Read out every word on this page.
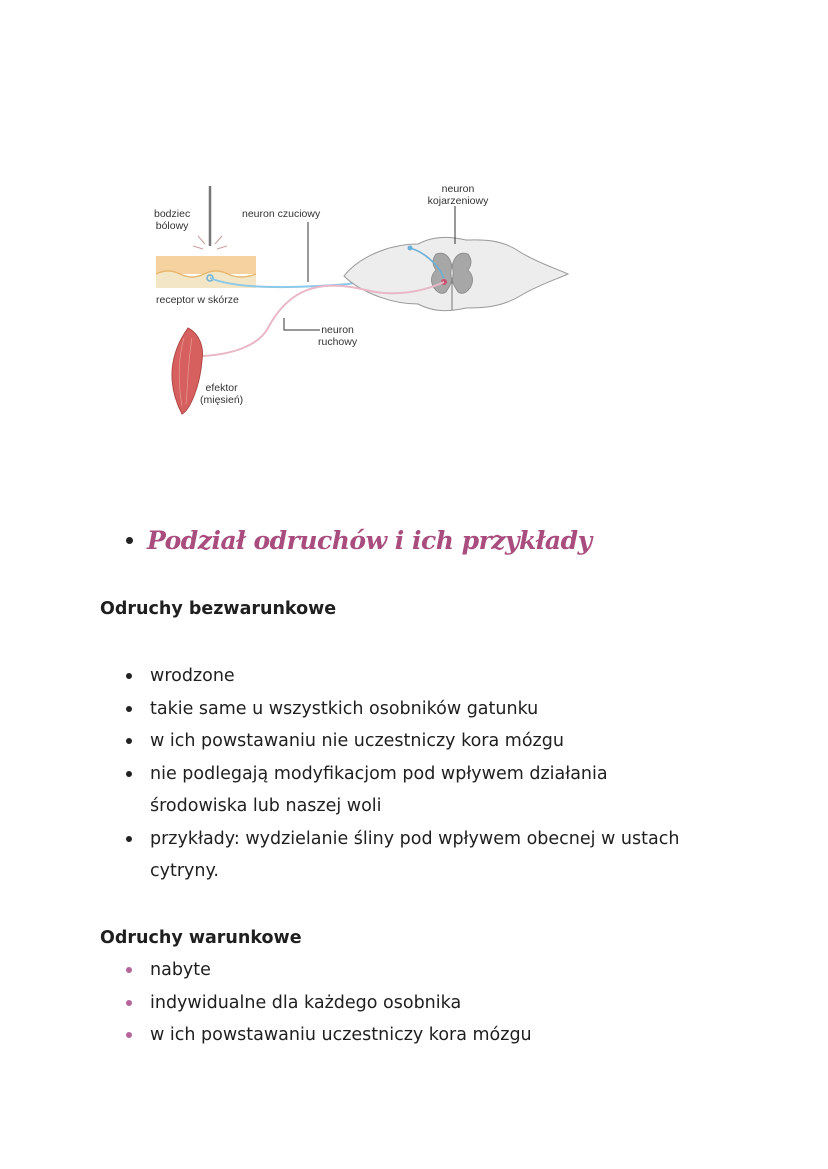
bodziec
bólowy
neuron czuciowy
neuron
kojarzeniowy
receptor w skórze
neuron
ruchowy
efektor
(mięsień)
Podział odruchów i ich przykłady
Odruchy bezwarunkowe
wrodzone
takie same u wszystkich osobników gatunku
w ich powstawaniu nie uczestniczy kora mózgu
nie podlegają modyfikacjom pod wpływem działania
środowiska lub naszej woli
przykłady: wydzielanie śliny pod wpływem obecnej w ustach
cytryny.
Odruchy warunkowe
nabyte
indywidualne dla każdego osobnika
w ich powstawaniu uczestniczy kora mózgu
